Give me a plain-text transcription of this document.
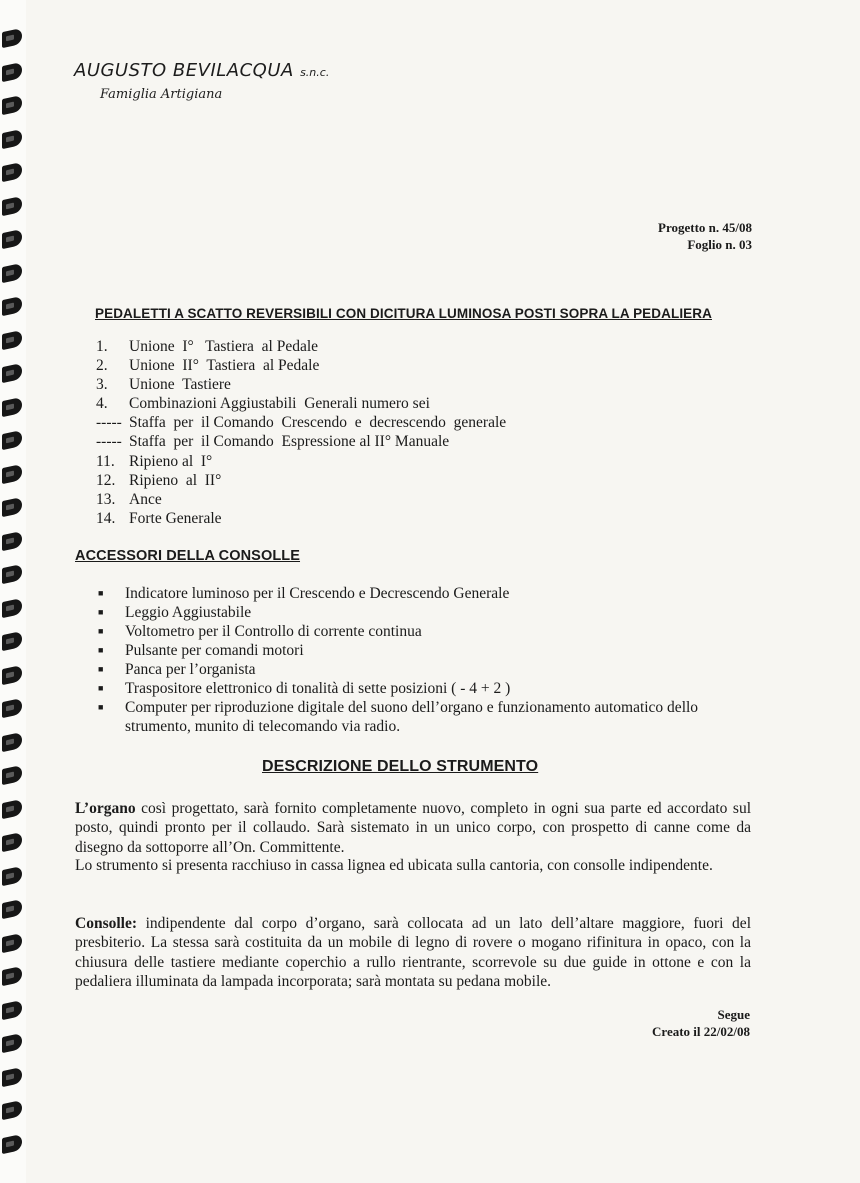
AUGUSTO BEVILACQUA s.n.c.
Famiglia Artigiana
Progetto n. 45/08
Foglio n. 03
PEDALETTI A SCATTO REVERSIBILI CON DICITURA LUMINOSA POSTI SOPRA LA PEDALIERA
1.	Unione  I°   Tastiera  al Pedale
2.	Unione  II°  Tastiera  al Pedale
3.	Unione  Tastiere
4.	Combinazioni Aggiustabili  Generali numero sei
----- Staffa  per  il Comando  Crescendo  e  decrescendo  generale
----- Staffa  per  il Comando  Espressione al II° Manuale
11. Ripieno al  I°
12. Ripieno  al  II°
13. Ance
14. Forte Generale
ACCESSORI DELLA CONSOLLE
■	Indicatore luminoso per il Crescendo e Decrescendo Generale
■	Leggio Aggiustabile
■	Voltometro per il Controllo di corrente continua
■	Pulsante per comandi motori
■	Panca per l’organista
■	Traspositore elettronico di tonalità di sette posizioni ( - 4 + 2 )
■	Computer per riproduzione digitale del suono dell’organo e funzionamento automatico dello strumento, munito di telecomando via radio.
DESCRIZIONE DELLO STRUMENTO
L’organo così progettato, sarà fornito completamente nuovo, completo in ogni sua parte ed accordato sul posto, quindi pronto per il collaudo. Sarà sistemato in un unico corpo, con prospetto di canne come da disegno da sottoporre all’On. Committente.
Lo strumento si presenta racchiuso in cassa lignea ed ubicata sulla cantoria, con consolle indipendente.
Consolle: indipendente dal corpo d’organo, sarà collocata ad un lato dell’altare maggiore, fuori del presbiterio. La stessa sarà costituita da un mobile di legno di rovere o mogano rifinitura in opaco, con la chiusura delle tastiere mediante coperchio a rullo rientrante, scorrevole su due guide in ottone e con la pedaliera illuminata da lampada incorporata; sarà montata su pedana mobile.
Segue
Creato il 22/02/08
